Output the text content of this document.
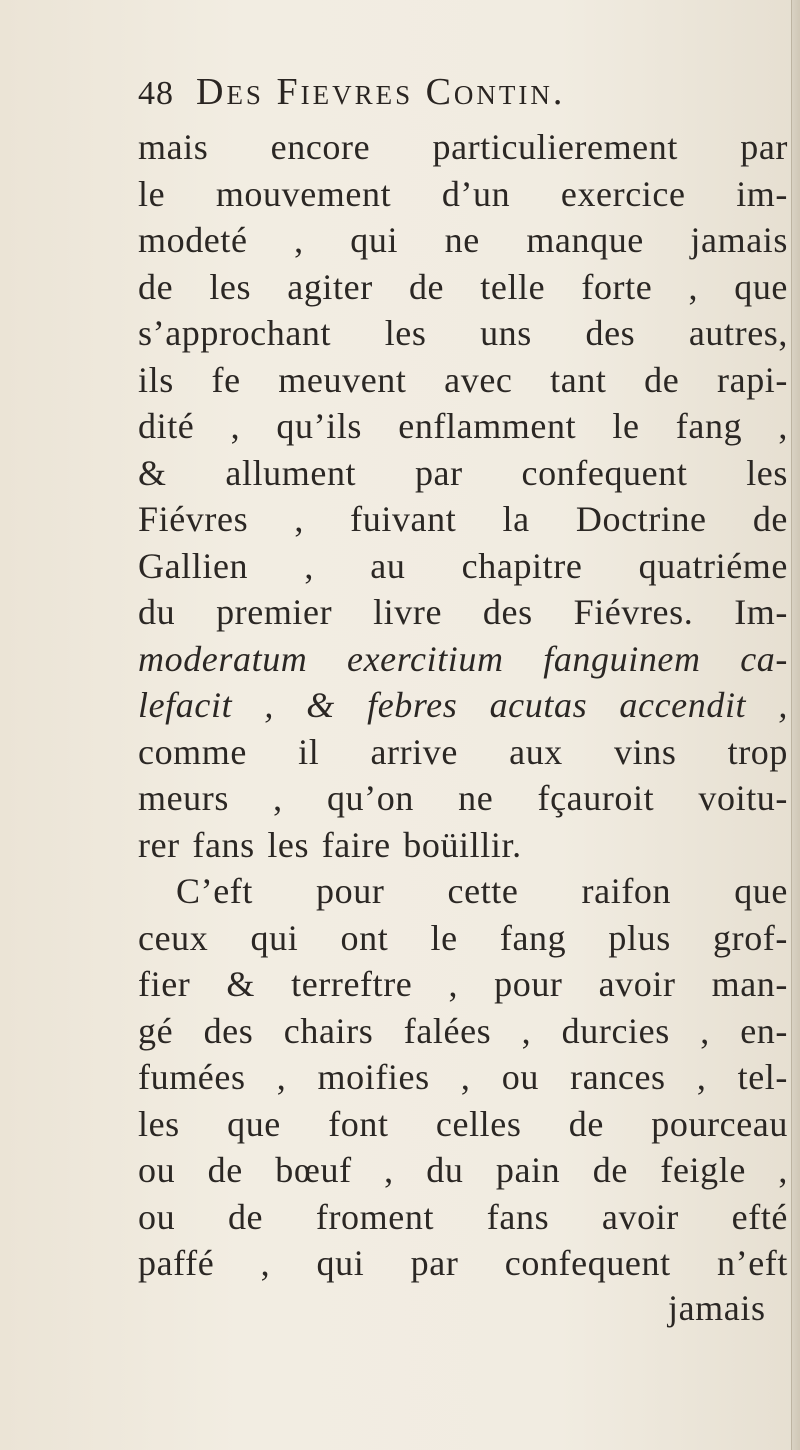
48 Des Fievres Contin.
mais encore particulierement par
le mouvement d’un exercice im-
modeté , qui ne manque jamais
de les agiter de telle forte , que
s’approchant les uns des autres,
ils fe meuvent avec tant de rapi-
dité , qu’ils enflamment le fang ,
& allument par confequent les
Fiévres , fuivant la Doctrine de
Gallien , au chapitre quatriéme
du premier livre des Fiévres. Im-
moderatum exercitium fanguinem ca-
lefacit , & febres acutas accendit ,
comme il arrive aux vins trop
meurs , qu’on ne fçauroit voitu-
rer fans les faire boüillir.
C’eft pour cette raifon que
ceux qui ont le fang plus grof-
fier & terreftre , pour avoir man-
gé des chairs falées , durcies , en-
fumées , moifies , ou rances , tel-
les que font celles de pourceau
ou de bœuf , du pain de feigle ,
ou de froment fans avoir efté
paffé , qui par confequent n’eft
jamais
